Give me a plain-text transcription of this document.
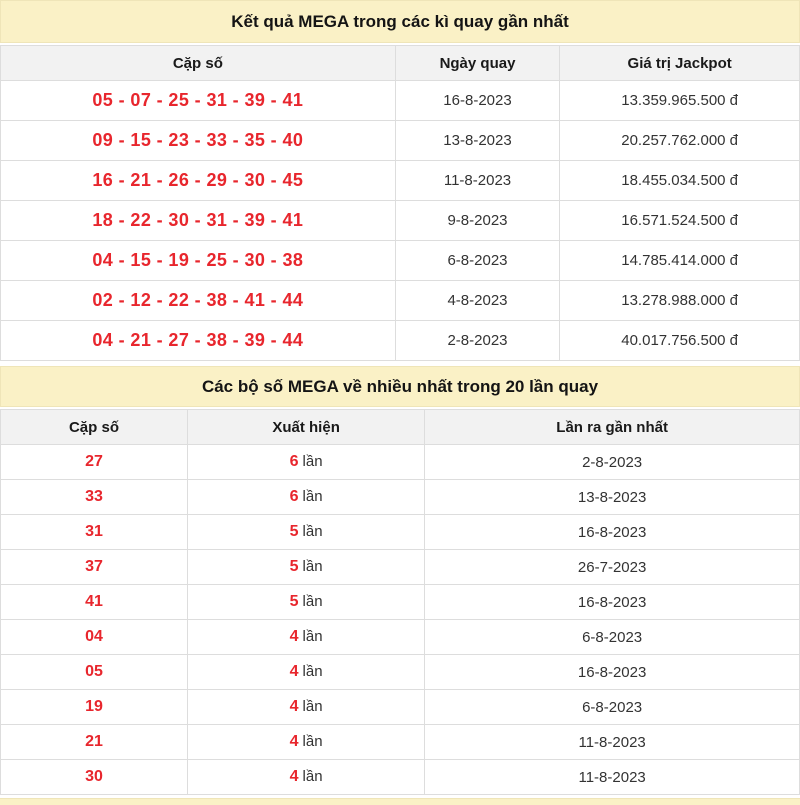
Kết quả MEGA trong các kì quay gần nhất
Cặp số	Ngày quay	Giá trị Jackpot
05 - 07 - 25 - 31 - 39 - 41	16-8-2023	13.359.965.500 đ
09 - 15 - 23 - 33 - 35 - 40	13-8-2023	20.257.762.000 đ
16 - 21 - 26 - 29 - 30 - 45	11-8-2023	18.455.034.500 đ
18 - 22 - 30 - 31 - 39 - 41	9-8-2023	16.571.524.500 đ
04 - 15 - 19 - 25 - 30 - 38	6-8-2023	14.785.414.000 đ
02 - 12 - 22 - 38 - 41 - 44	4-8-2023	13.278.988.000 đ
04 - 21 - 27 - 38 - 39 - 44	2-8-2023	40.017.756.500 đ
Các bộ số MEGA về nhiều nhất trong 20 lần quay
Cặp số	Xuất hiện	Lần ra gần nhất
27	6 lần	2-8-2023
33	6 lần	13-8-2023
31	5 lần	16-8-2023
37	5 lần	26-7-2023
41	5 lần	16-8-2023
04	4 lần	6-8-2023
05	4 lần	16-8-2023
19	4 lần	6-8-2023
21	4 lần	11-8-2023
30	4 lần	11-8-2023
